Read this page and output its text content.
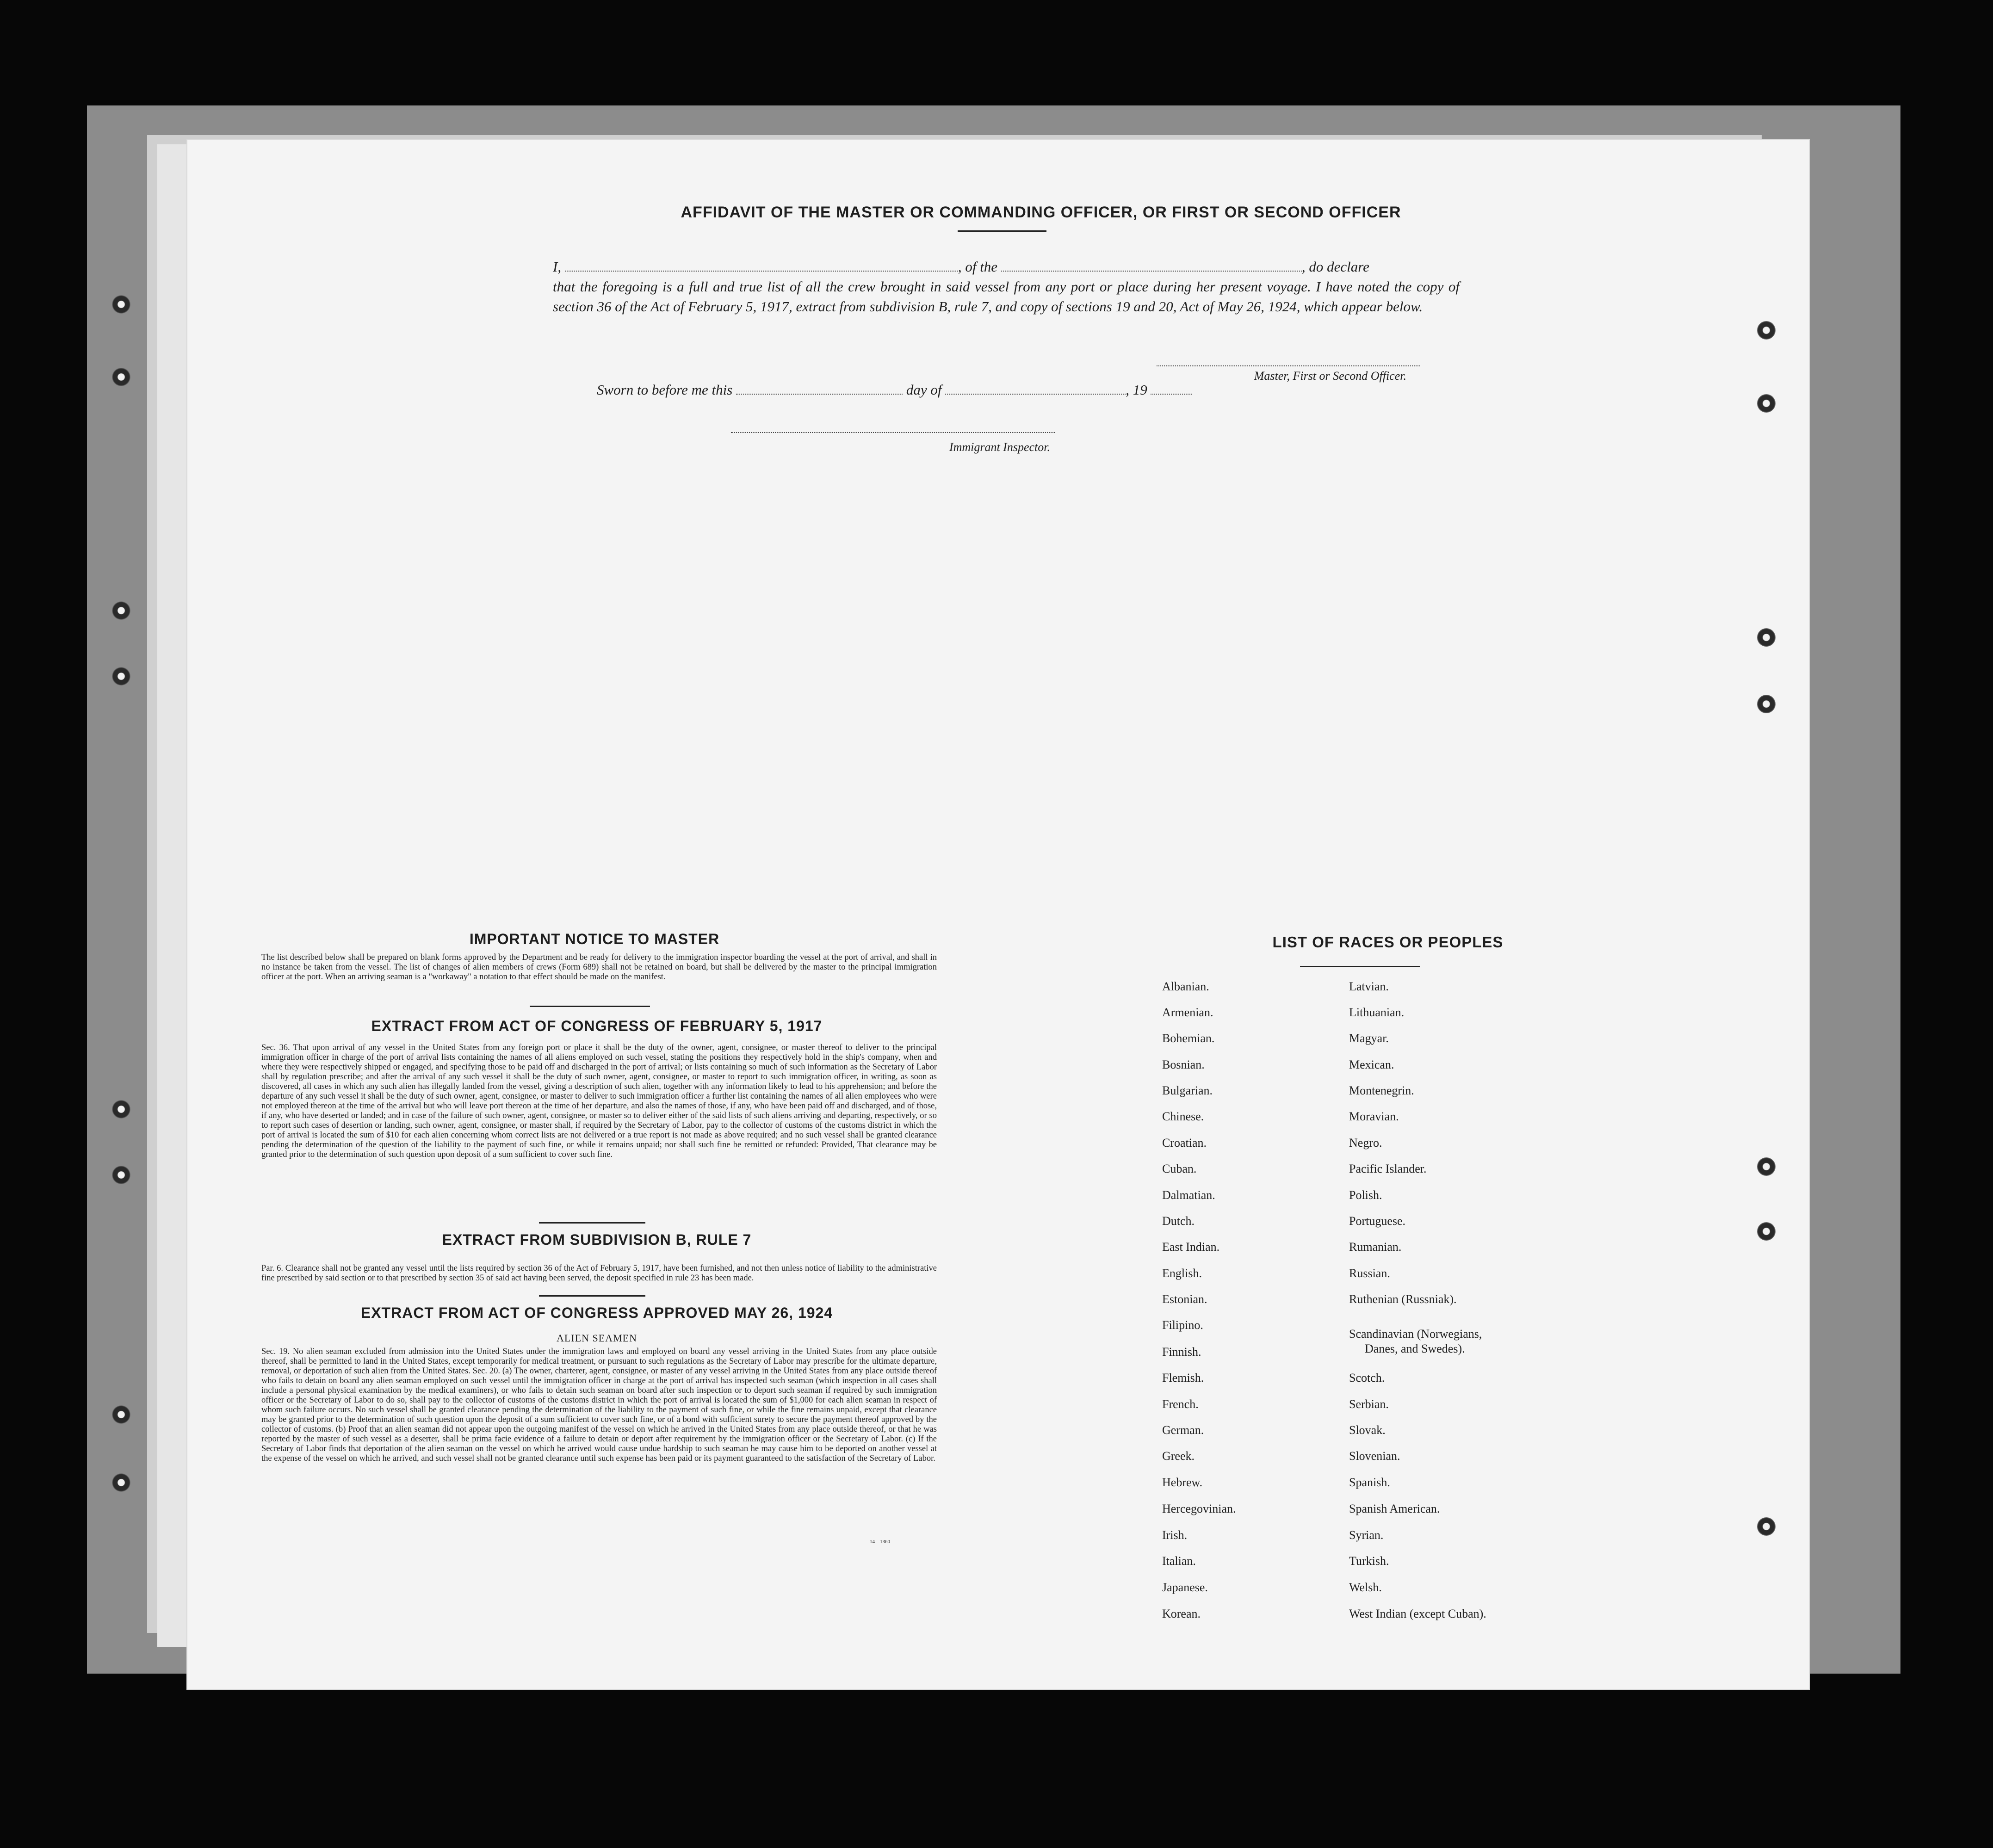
AFFIDAVIT OF THE MASTER OR COMMANDING OFFICER, OR FIRST OR SECOND OFFICER
I,	, of the	, do declare
that the foregoing is a full and true list of all the crew brought in said vessel from any port or place during her present voyage. I have noted the copy of section 36 of the Act of February 5, 1917, extract from subdivision B, rule 7, and copy of sections 19 and 20, Act of May 26, 1924, which appear below.
Master, First or Second Officer.
Sworn to before me this	day of	, 19
Immigrant Inspector.
IMPORTANT NOTICE TO MASTER
The list described below shall be prepared on blank forms approved by the Department and be ready for delivery to the immigration inspector boarding the vessel at the port of arrival, and shall in no instance be taken from the vessel. The list of changes of alien members of crews (Form 689) shall not be retained on board, but shall be delivered by the master to the principal immigration officer at the port. When an arriving seaman is a "workaway" a notation to that effect should be made on the manifest.
EXTRACT FROM ACT OF CONGRESS OF FEBRUARY 5, 1917
Sec. 36. That upon arrival of any vessel in the United States from any foreign port or place it shall be the duty of the owner, agent, consignee, or master thereof to deliver to the principal immigration officer in charge of the port of arrival lists containing the names of all aliens employed on such vessel, stating the positions they respectively hold in the ship's company, when and where they were respectively shipped or engaged, and specifying those to be paid off and discharged in the port of arrival; or lists containing so much of such information as the Secretary of Labor shall by regulation prescribe; and after the arrival of any such vessel it shall be the duty of such owner, agent, consignee, or master to report to such immigration officer, in writing, as soon as discovered, all cases in which any such alien has illegally landed from the vessel, giving a description of such alien, together with any information likely to lead to his apprehension; and before the departure of any such vessel it shall be the duty of such owner, agent, consignee, or master to deliver to such immigration officer a further list containing the names of all alien employees who were not employed thereon at the time of the arrival but who will leave port thereon at the time of her departure, and also the names of those, if any, who have been paid off and discharged, and of those, if any, who have deserted or landed; and in case of the failure of such owner, agent, consignee, or master so to deliver either of the said lists of such aliens arriving and departing, respectively, or so to report such cases of desertion or landing, such owner, agent, consignee, or master shall, if required by the Secretary of Labor, pay to the collector of customs of the customs district in which the port of arrival is located the sum of $10 for each alien concerning whom correct lists are not delivered or a true report is not made as above required; and no such vessel shall be granted clearance pending the determination of the question of the liability to the payment of such fine, or while it remains unpaid; nor shall such fine be remitted or refunded: Provided, That clearance may be granted prior to the determination of such question upon deposit of a sum sufficient to cover such fine.
EXTRACT FROM SUBDIVISION B, RULE 7
Par. 6. Clearance shall not be granted any vessel until the lists required by section 36 of the Act of February 5, 1917, have been furnished, and not then unless notice of liability to the administrative fine prescribed by said section or to that prescribed by section 35 of said act having been served, the deposit specified in rule 23 has been made.
EXTRACT FROM ACT OF CONGRESS APPROVED MAY 26, 1924
ALIEN SEAMEN
Sec. 19. No alien seaman excluded from admission into the United States under the immigration laws and employed on board any vessel arriving in the United States from any place outside thereof, shall be permitted to land in the United States, except temporarily for medical treatment, or pursuant to such regulations as the Secretary of Labor may prescribe for the ultimate departure, removal, or deportation of such alien from the United States. Sec. 20. (a) The owner, charterer, agent, consignee, or master of any vessel arriving in the United States from any place outside thereof who fails to detain on board any alien seaman employed on such vessel until the immigration officer in charge at the port of arrival has inspected such seaman (which inspection in all cases shall include a personal physical examination by the medical examiners), or who fails to detain such seaman on board after such inspection or to deport such seaman if required by such immigration officer or the Secretary of Labor to do so, shall pay to the collector of customs of the customs district in which the port of arrival is located the sum of $1,000 for each alien seaman in respect of whom such failure occurs. No such vessel shall be granted clearance pending the determination of the liability to the payment of such fine, or while the fine remains unpaid, except that clearance may be granted prior to the determination of such question upon the deposit of a sum sufficient to cover such fine, or of a bond with sufficient surety to secure the payment thereof approved by the collector of customs. (b) Proof that an alien seaman did not appear upon the outgoing manifest of the vessel on which he arrived in the United States from any place outside thereof, or that he was reported by the master of such vessel as a deserter, shall be prima facie evidence of a failure to detain or deport after requirement by the immigration officer or the Secretary of Labor. (c) If the Secretary of Labor finds that deportation of the alien seaman on the vessel on which he arrived would cause undue hardship to such seaman he may cause him to be deported on another vessel at the expense of the vessel on which he arrived, and such vessel shall not be granted clearance until such expense has been paid or its payment guaranteed to the satisfaction of the Secretary of Labor.
14—1360
LIST OF RACES OR PEOPLES
Albanian.
Armenian.
Bohemian.
Bosnian.
Bulgarian.
Chinese.
Croatian.
Cuban.
Dalmatian.
Dutch.
East Indian.
English.
Estonian.
Filipino.
Finnish.
Flemish.
French.
German.
Greek.
Hebrew.
Hercegovinian.
Irish.
Italian.
Japanese.
Korean.
Latvian.
Lithuanian.
Magyar.
Mexican.
Montenegrin.
Moravian.
Negro.
Pacific Islander.
Polish.
Portuguese.
Rumanian.
Russian.
Ruthenian (Russniak).
Scandinavian (Norwegians,
Danes, and Swedes).
Scotch.
Serbian.
Slovak.
Slovenian.
Spanish.
Spanish American.
Syrian.
Turkish.
Welsh.
West Indian (except Cuban).
